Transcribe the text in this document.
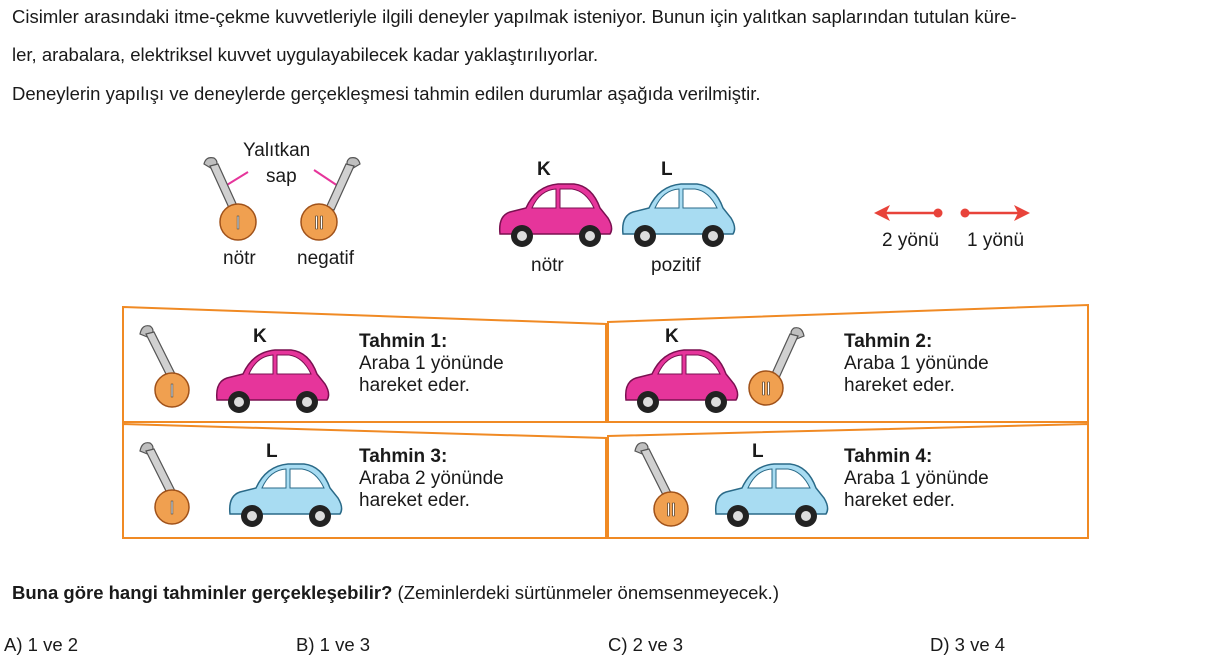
Cisimler arasındaki itme-çekme kuvvetleriyle ilgili deneyler yapılmak isteniyor. Bunun için yalıtkan saplarından tutulan küre-
ler, arabalara, elektriksel kuvvet uygulayabilecek kadar yaklaştırılıyorlar.
Deneylerin yapılışı ve deneylerde gerçekleşmesi tahmin edilen durumlar aşağıda verilmiştir.
Yalıtkan
sap
I	II
nötr negatif
K	L
nötr	pozitif
2 yönü 1 yönü
I
K	Tahmin 1:
Araba 1 yönünde
hareket eder.
K
II
Tahmin 2:
Araba 1 yönünde
hareket eder.
I
L	Tahmin 3:
Araba 2 yönünde
hareket eder.	II
L	Tahmin 4:
Araba 1 yönünde
hareket eder.
Buna göre hangi tahminler gerçekleşebilir? (Zeminlerdeki sürtünmeler önemsenmeyecek.)
A) 1 ve 2	B) 1 ve 3	C) 2 ve 3	D) 3 ve 4
